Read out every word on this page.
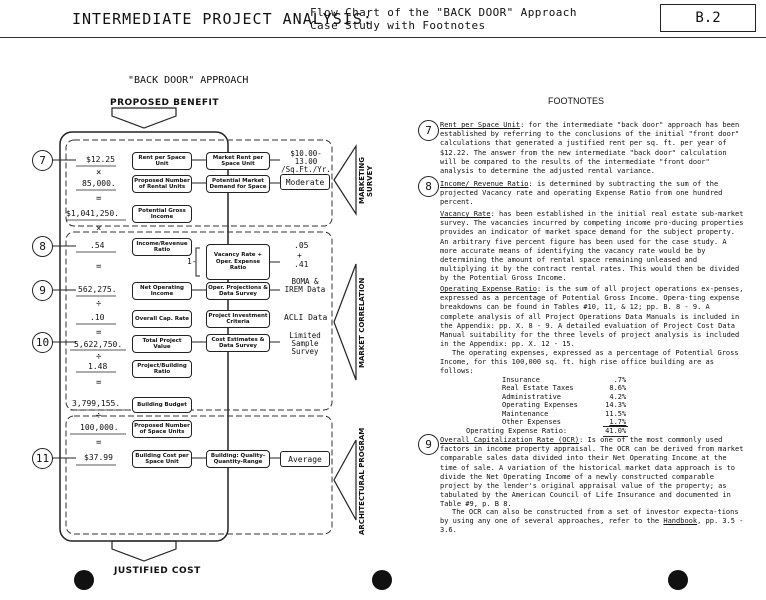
INTERMEDIATE PROJECT ANALYSIS:
Flow Chart of the "BACK DOOR" Approach
Case Study with Footnotes	B.2
"BACK DOOR" APPROACH
PROPOSED BENEFIT
JUSTIFIED COST
7
8
9
10
11
$12.25
×
85,000.
=
$1,041,250.
×
.54
=
562,275.
÷
.10
=
5,622,750.
÷
1.48
=
3,799,155.
÷
100,000.
=
$37.99
Rent per Space Unit
Proposed Number of Rental Units
Potential Gross Income
Income/Revenue Ratio
Net Operating Income
Overall Cap. Rate
Total Project Value
Project/Building Ratio
Building Budget
Proposed Number of Space Units
Building Cost per Space Unit
Market Rent per Space Unit
Potential Market Demand for Space
1-
Vacancy Rate + Oper. Expense Ratio
Oper. Projections & Data Survey
Project Investment Criteria
Cost Estimates & Data Survey
Building: Quality-Quantity-Range
$10.00-13.00 /Sq.Ft./Yr.
Moderate
.05
+
.41
BOMA & IREM Data
ACLI Data
Limited Sample Survey
Average
MARKETING SURVEY
MARKET CORRELATION
ARCHITECTURAL PROGRAM
FOOTNOTES
7	Rent per Space Unit: for the intermediate "back door" approach has been established by referring to the conclusions of the initial "front door" calculations that generated a justified rent per sq. ft. per year of $12.22. The answer from the new intermediate "back door" calculation will be compared to the results of the intermediate "front door" analysis to determine the adjusted rental variance.
8	Income/ Revenue Ratio: is determined by subtracting the sum of the projected Vacancy rate and operating Expense Ratio from one hundred percent.
Vacancy Rate: has been established in the initial real estate sub-market survey. The vacancies incurred by competing income pro-ducing properties provides an indicator of market space demand for the subject property. An arbitrary five percent figure has been used for the case study. A more accurate means of identifying the vacancy rate would be by determining the amount of rental space remaining unleased and multiplying it by the contract rental rates. This would then be divided by the Potential Gross Income.
Operating Expense Ratio: is the sum of all project operations ex-penses, expressed as a percentage of Potential Gross Income. Opera-ting expense breakdowns can be found in Tables #10, 11, & 12; pp. B. 8 - 9. A complete analysis of all Project Operations Data Manuals is included in the Appendix: pp. X. 8 - 9. A detailed evaluation of Project Cost Data Manual suitability for the three levels of project analysis is included in the Appendix: pp. X. 12 - 15.
The operating expenses, expressed as a percentage of Potential Gross Income, for this 100,000 sq. ft. high rise office building are as follows:
Insurance	.7%
Real Estate Taxes	8.6%
Administrative	4.2%
Operating Expenses	14.3%
Maintenance	11.5%
Other Expenses	1.7%
Operating Expense Ratio:	41.0%
9	Overall Capitalization Rate (OCR): Is one of the most commonly used factors in income property appraisal. The OCR can be derived from market comparable sales data divided into their Net Operating Income at the time of sale. A variation of the historical market data approach is to divide the Net Operating Income of a newly constructed comparable project by the lender's original appraisal value of the property; as tabulated by the American Council of Life Insurance and documented in Table #9, p. B 8.
The OCR can also be constructed from a set of investor expecta-tions by using any one of several approaches, refer to the Handbook, pp. 3.5 - 3.6.
